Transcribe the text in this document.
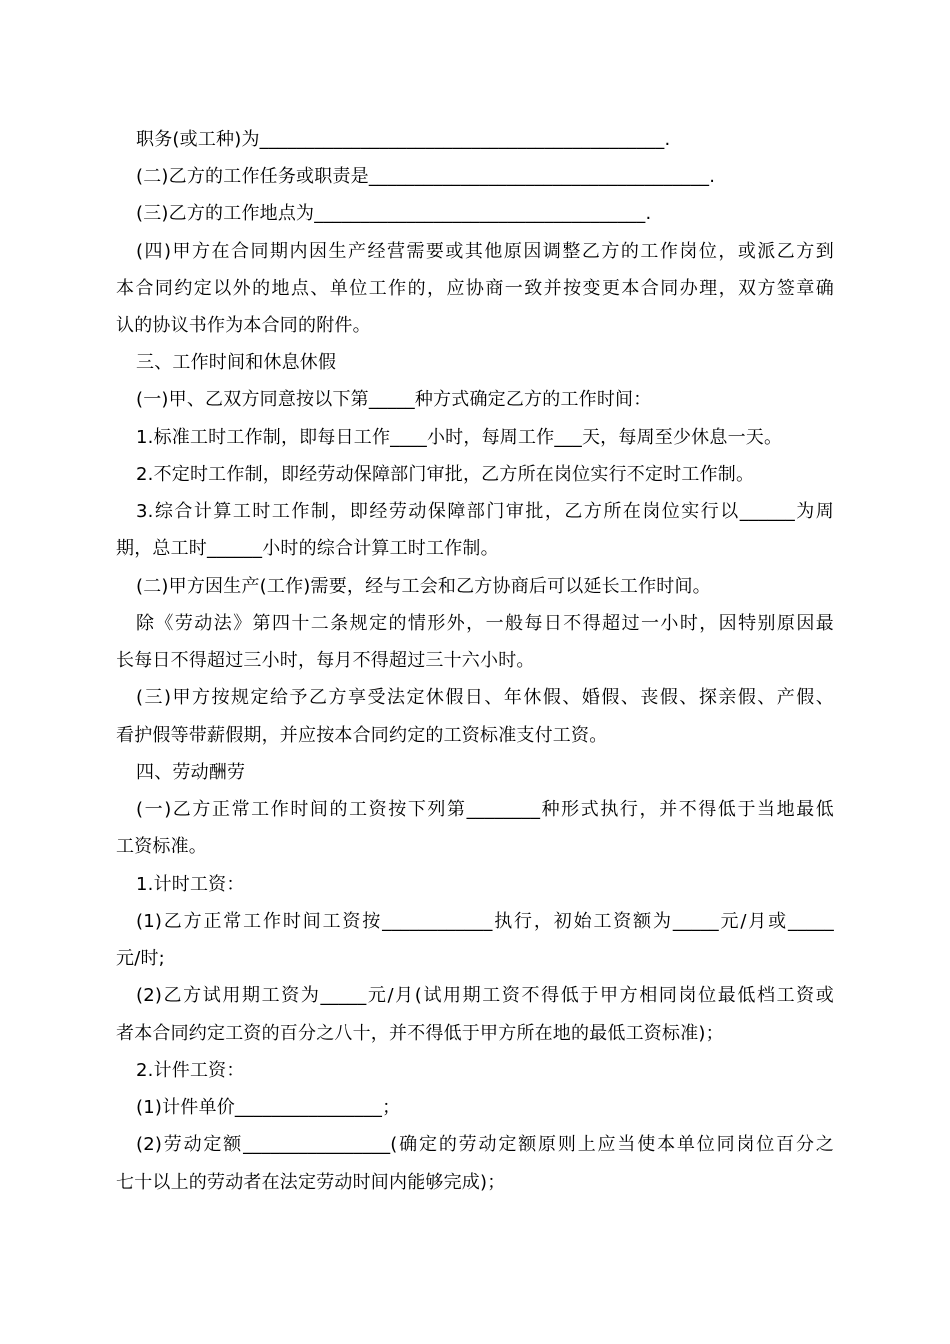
职务(或工种)为____________________________________________.
(二)乙方的工作任务或职责是_____________________________________.
(三)乙方的工作地点为____________________________________.
(四)甲方在合同期内因生产经营需要或其他原因调整乙方的工作岗位，或派乙方到
本合同约定以外的地点、单位工作的，应协商一致并按变更本合同办理，双方签章确
认的协议书作为本合同的附件。
三、工作时间和休息休假
(一)甲、乙双方同意按以下第_____种方式确定乙方的工作时间：
1.标准工时工作制，即每日工作____小时，每周工作___天，每周至少休息一天。
2.不定时工作制，即经劳动保障部门审批，乙方所在岗位实行不定时工作制。
3.综合计算工时工作制，即经劳动保障部门审批，乙方所在岗位实行以______为周
期，总工时______小时的综合计算工时工作制。
(二)甲方因生产(工作)需要，经与工会和乙方协商后可以延长工作时间。
除《劳动法》第四十二条规定的情形外，一般每日不得超过一小时，因特别原因最
长每日不得超过三小时，每月不得超过三十六小时。
(三)甲方按规定给予乙方享受法定休假日、年休假、婚假、丧假、探亲假、产假、
看护假等带薪假期，并应按本合同约定的工资标准支付工资。
四、劳动酬劳
(一)乙方正常工作时间的工资按下列第________种形式执行，并不得低于当地最低
工资标准。
1.计时工资：
(1)乙方正常工作时间工资按____________执行，初始工资额为_____元/月或_____
元/时;
(2)乙方试用期工资为_____元/月(试用期工资不得低于甲方相同岗位最低档工资或
者本合同约定工资的百分之八十，并不得低于甲方所在地的最低工资标准)；
2.计件工资：
(1)计件单价________________；
(2)劳动定额________________(确定的劳动定额原则上应当使本单位同岗位百分之
七十以上的劳动者在法定劳动时间内能够完成)；
